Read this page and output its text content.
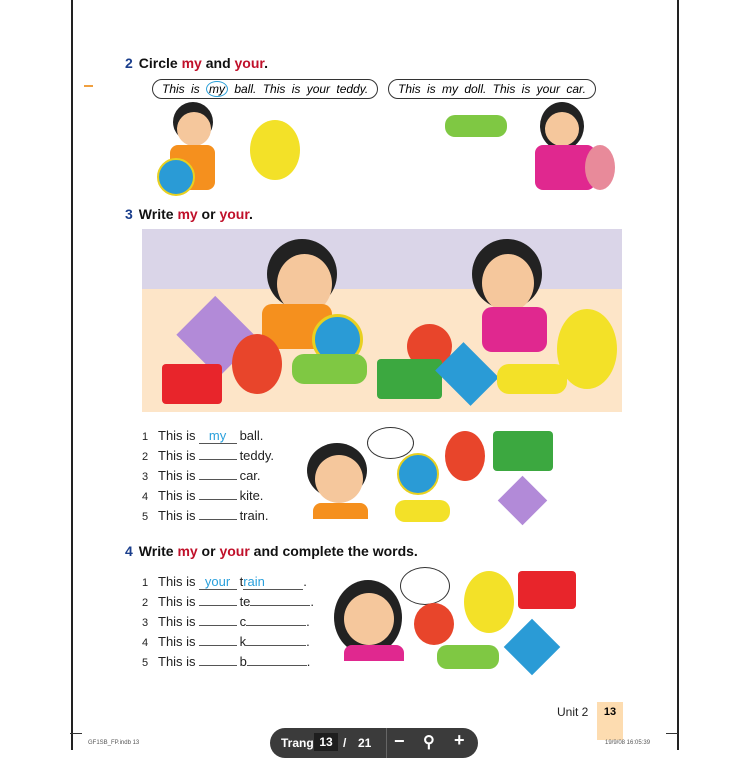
2 Circle my and your.
This is my ball. This is your teddy.	This is my doll. This is your car.
3 Write my or your.
1 This is my ball.
2 This is	teddy.
3 This is	car.
4 This is	kite.
5 This is	train.
4 Write my or your and complete the words.
1 This is your train	.
2 This is	te	.
3 This is	c	.
4 This is	k	.
5 This is	b	.
Unit 2	13
GF1SB_FP.indb 13	19/9/08 16:05:39
Trang 13 / 21 − ⚲ +
